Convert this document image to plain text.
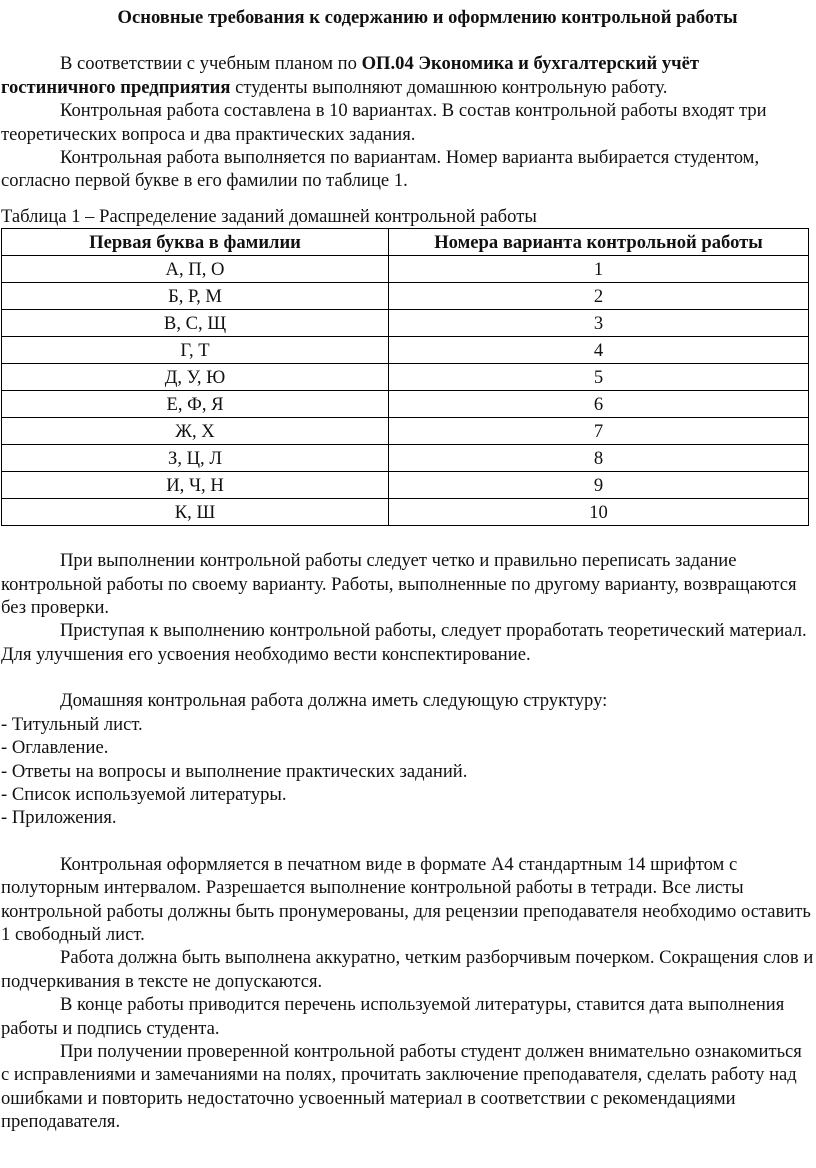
Основные требования к содержанию и оформлению контрольной работы

В соответствии с учебным планом по ОП.04 Экономика и бухгалтерский учёт гостиничного предприятия студенты выполняют домашнюю контрольную работу.

Контрольная работа составлена в 10 вариантах. В состав контрольной работы входят три теоретических вопроса и два практических задания.

Контрольная работа выполняется по вариантам. Номер варианта выбирается студентом, согласно первой букве в его фамилии по таблице 1.

Таблица 1 – Распределение заданий домашней контрольной работы

Первая буква в фамилии	Номера варианта контрольной работы
А, П, О	1
Б, Р, М	2
В, С, Щ	3
Г, Т	4
Д, У, Ю	5
Е, Ф, Я	6
Ж, Х	7
З, Ц, Л	8
И, Ч, Н	9
К, Ш	10

При выполнении контрольной работы следует четко и правильно переписать задание контрольной работы по своему варианту. Работы, выполненные по другому варианту, возвращаются без проверки.

Приступая к выполнению контрольной работы, следует проработать теоретический материал. Для улучшения его усвоения необходимо вести конспектирование.

Домашняя контрольная работа должна иметь следующую структуру:

- Титульный лист.

- Оглавление.

- Ответы на вопросы и выполнение практических заданий.

- Список используемой литературы.

- Приложения.

Контрольная оформляется в печатном виде в формате А4 стандартным 14 шрифтом с полуторным интервалом. Разрешается выполнение контрольной работы в тетради. Все листы контрольной работы должны быть пронумерованы, для рецензии преподавателя необходимо оставить 1 свободный лист.

Работа должна быть выполнена аккуратно, четким разборчивым почерком. Сокращения слов и подчеркивания в тексте не допускаются.

В конце работы приводится перечень используемой литературы, ставится дата выполнения работы и подпись студента.

При получении проверенной контрольной работы студент должен внимательно ознакомиться с исправлениями и замечаниями на полях, прочитать заключение преподавателя, сделать работу над ошибками и повторить недостаточно усвоенный материал в соответствии с рекомендациями преподавателя.
